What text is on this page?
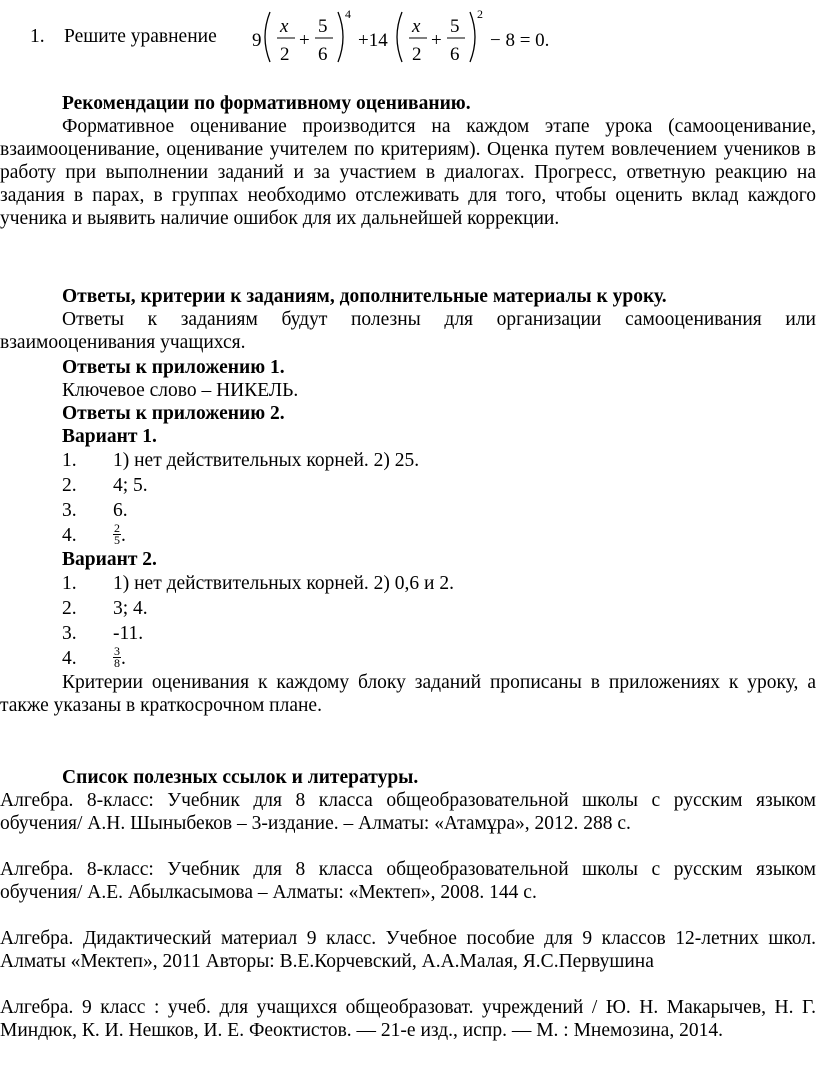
1. Решите уравнение 9
x
2
+
5
6
4
+14
x
2
+
5
6
2
− 8 = 0.

Рекомендации по формативному оцениванию.

Формативное оценивание производится на каждом этапе урока (самооценивание, взаимооценивание, оценивание учителем по критериям). Оценка путем вовлечением учеников в работу при выполнении заданий и за участием в диалогах. Прогресс, ответную реакцию на задания в парах, в группах необходимо отслеживать для того, чтобы оценить вклад каждого ученика и выявить наличие ошибок для их дальнейшей коррекции.

Ответы, критерии к заданиям, дополнительные материалы к уроку.

Ответы к заданиям будут полезны для организации самооценивания или взаимооценивания учащихся.

Ответы к приложению 1.

Ключевое слово – НИКЕЛЬ.

Ответы к приложению 2.

Вариант 1.

1. 1) нет действительных корней. 2) 25.
2. 4; 5.
3. 6.
4.	$\frac{2}{5}$ .

Вариант 2.

1. 1) нет действительных корней. 2) 0,6 и 2.
2. 3; 4.
3. -11.
4.	$\frac{3}{8}$ .

Критерии оценивания к каждому блоку заданий прописаны в приложениях к уроку, а также указаны в краткосрочном плане.

Список полезных ссылок и литературы.

Алгебра. 8-класс: Учебник для 8 класса общеобразовательной школы с русским языком обучения/ А.Н. Шыныбеков – 3-издание. – Алматы: «Атамұра», 2012. 288 с.

Алгебра. 8-класс: Учебник для 8 класса общеобразовательной школы с русским языком обучения/ А.Е. Абылкасымова – Алматы: «Мектеп», 2008. 144 с.

Алгебра. Дидактический материал 9 класс. Учебное пособие для 9 классов 12-летних школ. Алматы «Мектеп», 2011 Авторы: В.Е.Корчевский, А.А.Малая, Я.С.Первушина

Алгебра. 9 класс : учеб. для учащихся общеобразоват. учреждений / Ю. Н. Макарычев, Н. Г. Миндюк, К. И. Нешков, И. Е. Феоктистов. — 21-е изд., испр. — М. : Мнемозина, 2014.
